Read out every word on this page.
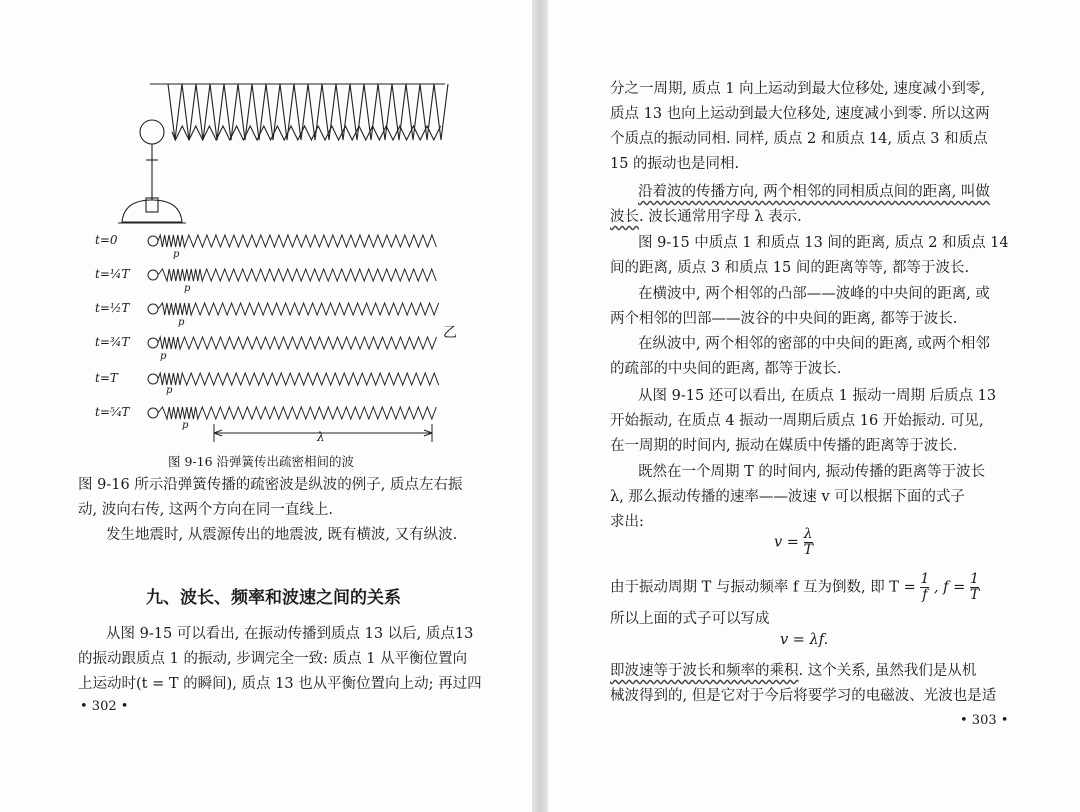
t=0
t=¼T
t=½T
t=¾T
t=T
t=⁵⁄₄T
p
p
p
p
p
p
乙
λ
图 9-16 沿弹簧传出疏密相间的波
图 9-16 所示沿弹簧传播的疏密波是纵波的例子, 质点左右振
动, 波向右传, 这两个方向在同一直线上.
发生地震时, 从震源传出的地震波, 既有横波, 又有纵波.
九、波长、频率和波速之间的关系
从图 9-15 可以看出, 在振动传播到质点 13 以后, 质点13
的振动跟质点 1 的振动, 步调完全一致: 质点 1 从平衡位置向
上运动时(t = T 的瞬间), 质点 13 也从平衡位置向上动; 再过四
• 302 •
分之一周期, 质点 1 向上运动到最大位移处, 速度减小到零,
质点 13 也向上运动到最大位移处, 速度减小到零. 所以这两
个质点的振动同相. 同样, 质点 2 和质点 14, 质点 3 和质点
15 的振动也是同相.
沿着波的传播方向, 两个相邻的同相质点间的距离, 叫做
波长. 波长通常用字母 λ 表示.
图 9-15 中质点 1 和质点 13 间的距离, 质点 2 和质点 14
间的距离, 质点 3 和质点 15 间的距离等等, 都等于波长.
在横波中, 两个相邻的凸部——波峰的中央间的距离, 或
两个相邻的凹部——波谷的中央间的距离, 都等于波长.
在纵波中, 两个相邻的密部的中央间的距离, 或两个相邻
的疏部的中央间的距离, 都等于波长.
从图 9-15 还可以看出, 在质点 1 振动一周期 后质点 13
开始振动, 在质点 4 振动一周期后质点 16 开始振动. 可见,
在一周期的时间内, 振动在媒质中传播的距离等于波长.
既然在一个周期 T 的时间内, 振动传播的距离等于波长
λ, 那么振动传播的速率——波速 v 可以根据下面的式子
求出:
$v = \frac{\lambda}{T}$
由于振动周期 T 与振动频率 f 互为倒数, 即 $T = \frac{1}{f}$ , $f = \frac{1}{T}$
所以上面的式子可以写成
v = λf.
即波速等于波长和频率的乘积. 这个关系, 虽然我们是从机
械波得到的, 但是它对于今后将要学习的电磁波、光波也是适
• 303 •
